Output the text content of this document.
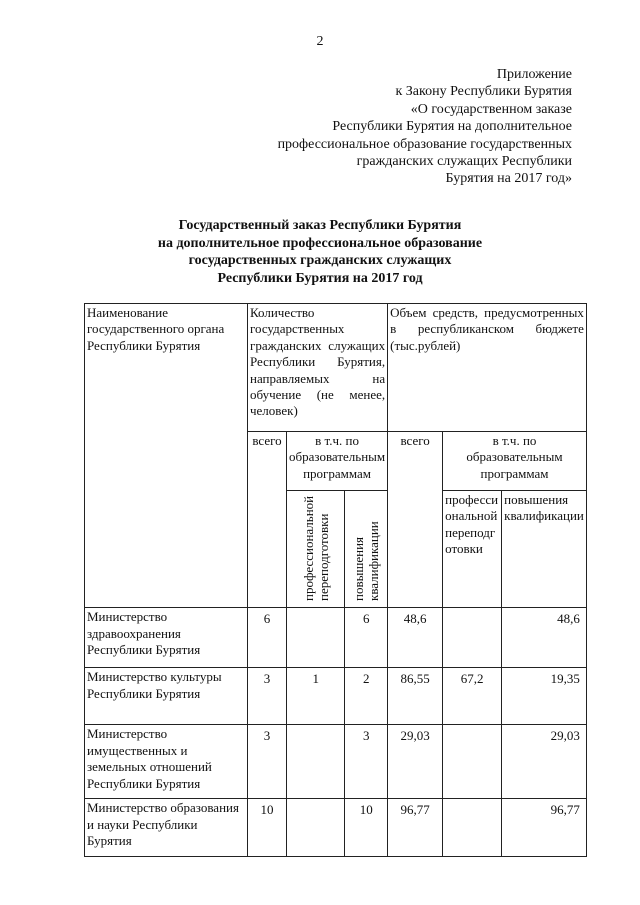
2
Приложение
к Закону Республики Бурятия
«О государственном заказе
Республики Бурятия на дополнительное
профессиональное образование государственных
гражданских служащих Республики
Бурятия на 2017 год»
Государственный заказ Республики Бурятия
на дополнительное профессиональное образование
государственных гражданских служащих
Республики Бурятия на 2017 год
Наименование государственного органа Республики Бурятия	Количество государственных гражданских служащих Республики Бурятия, направляемых на обучение (не менее, человек)			Объем средств, предусмотренных в республиканском бюджете (тыс.рублей)		
	всего	в т.ч. по образовательным программам		всего	в т.ч. по образовательным программам	
		профессиональной переподготовки	повышения квалификации		профессиональной переподготовки	повышения квалификации
Министерство здравоохранения Республики Бурятия	6		6	48,6		48,6
Министерство культуры Республики Бурятия	3	1	2	86,55	67,2	19,35
Министерство имущественных и земельных отношений Республики Бурятия	3		3	29,03		29,03
Министерство образования и науки Республики Бурятия	10		10	96,77		96,77
